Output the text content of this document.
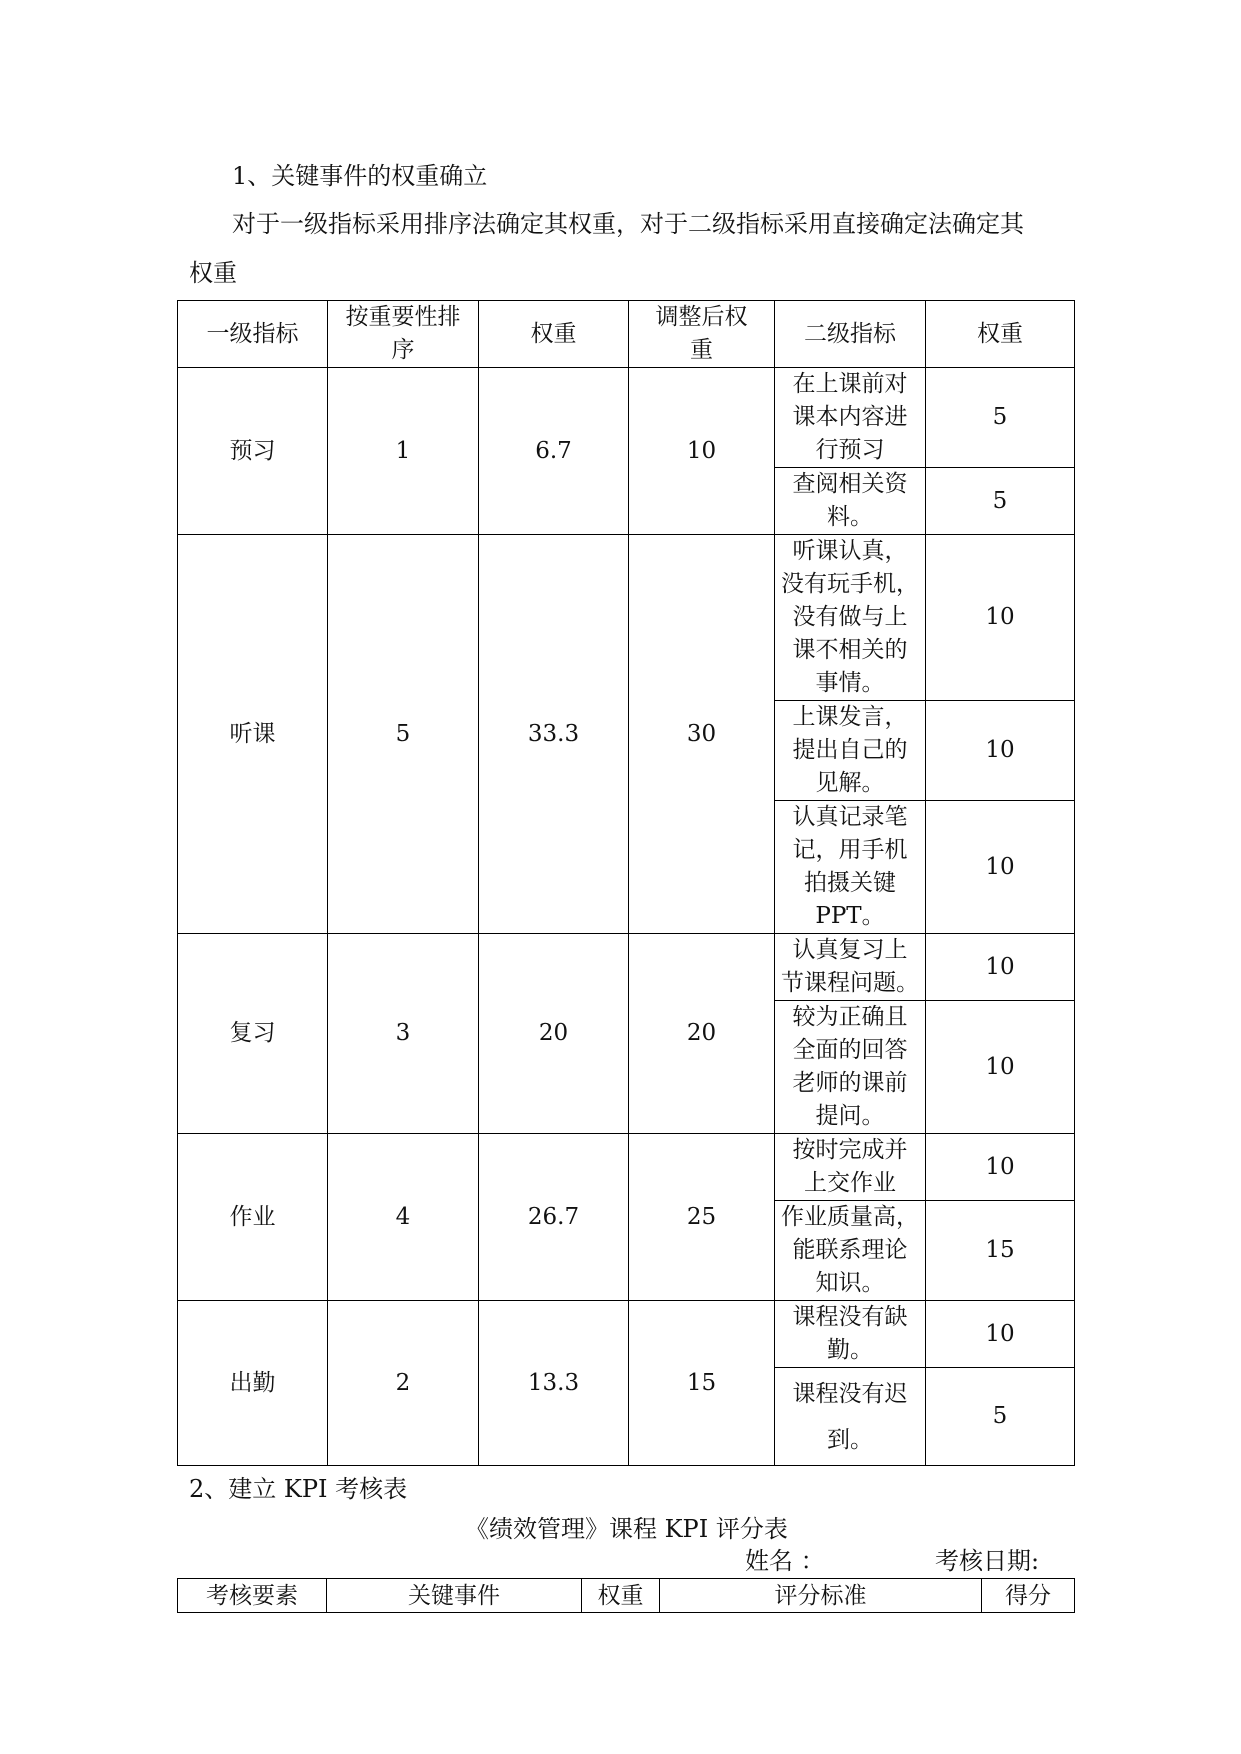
1、关键事件的权重确立
对于一级指标采用排序法确定其权重，对于二级指标采用直接确定法确定其
权重
一级指标	按重要性排
序	权重	调整后权
重	二级指标	权重
预习	1	6.7	10	在上课前对
课本内容进
行预习	5
				查阅相关资
料。	5
听课	5	33.3	30	听课认真，
没有玩手机，
没有做与上
课不相关的
事情。	10
				上课发言，
提出自己的
见解。	10
				认真记录笔
记，用手机
拍摄关键
PPT。	10
复习	3	20	20	认真复习上
节课程问题。	10
				较为正确且
全面的回答
老师的课前
提问。	10
作业	4	26.7	25	按时完成并
上交作业	10
				作业质量高，
能联系理论
知识。	15
出勤	2	13.3	15	课程没有缺
勤。	10
				课程没有迟
到。	5
2、建立 KPI 考核表
《绩效管理》课程 KPI 评分表
姓名 ：	考核日期:
考核要素	关键事件	权重	评分标准	得分
